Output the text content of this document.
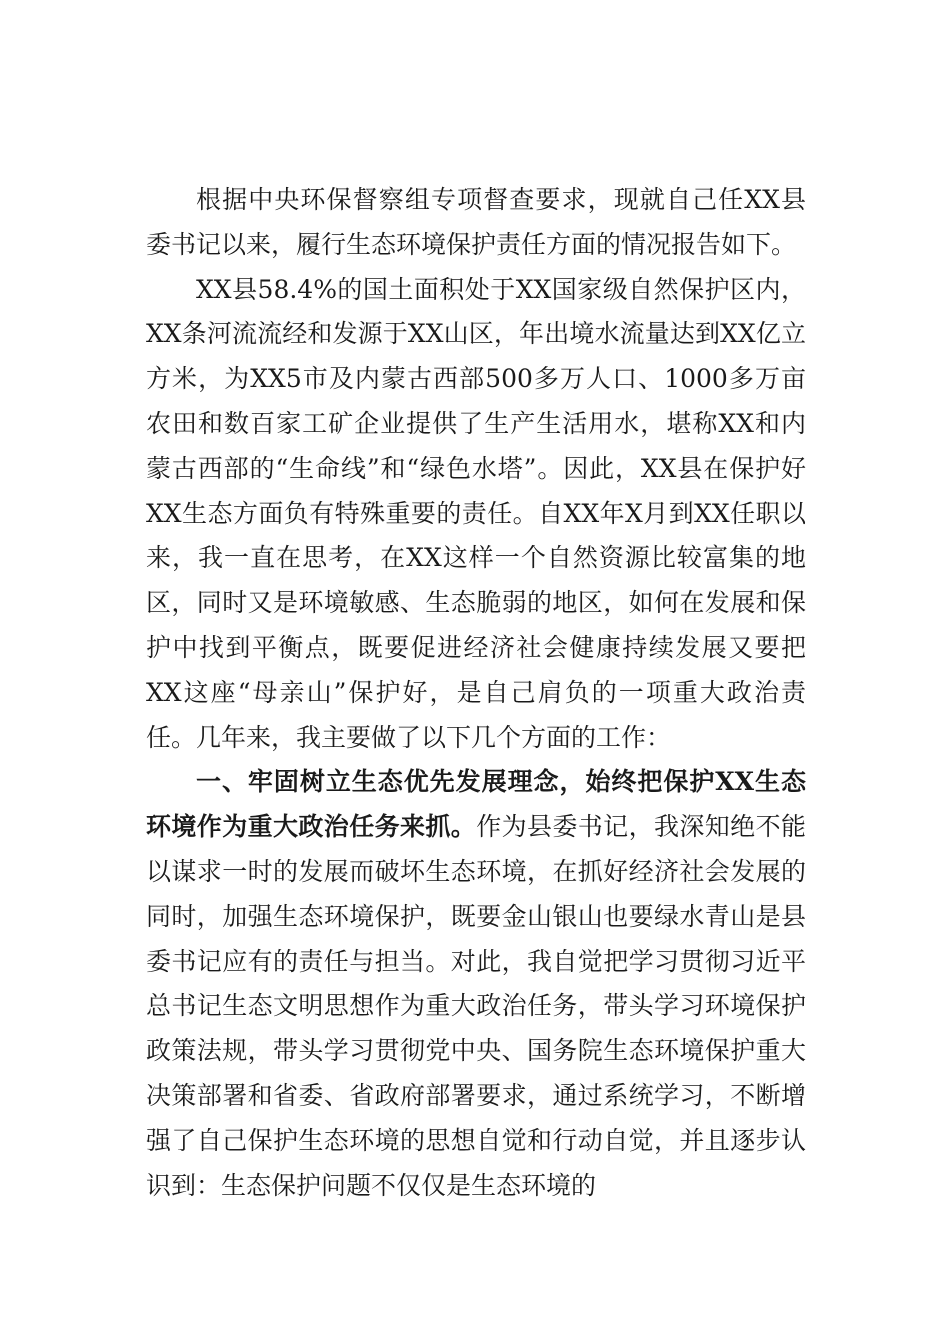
根据中央环保督察组专项督查要求，现就自己任XX县委书记以来，履行生态环境保护责任方面的情况报告如下。

XX县58.4%的国土面积处于XX国家级自然保护区内，XX条河流流经和发源于XX山区，年出境水流量达到XX亿立方米，为XX5市及内蒙古西部500多万人口、1000多万亩农田和数百家工矿企业提供了生产生活用水，堪称XX和内蒙古西部的“生命线”和“绿色水塔”。因此，XX县在保护好XX生态方面负有特殊重要的责任。自XX年X月到XX任职以来，我一直在思考，在XX这样一个自然资源比较富集的地区，同时又是环境敏感、生态脆弱的地区，如何在发展和保护中找到平衡点，既要促进经济社会健康持续发展又要把XX这座“母亲山”保护好，是自己肩负的一项重大政治责任。几年来，我主要做了以下几个方面的工作：

一、牢固树立生态优先发展理念，始终把保护XX生态环境作为重大政治任务来抓。作为县委书记，我深知绝不能以谋求一时的发展而破坏生态环境，在抓好经济社会发展的同时，加强生态环境保护，既要金山银山也要绿水青山是县委书记应有的责任与担当。对此，我自觉把学习贯彻习近平总书记生态文明思想作为重大政治任务，带头学习环境保护政策法规，带头学习贯彻党中央、国务院生态环境保护重大决策部署和省委、省政府部署要求，通过系统学习，不断增强了自己保护生态环境的思想自觉和行动自觉，并且逐步认识到：生态保护问题不仅仅是生态环境的
